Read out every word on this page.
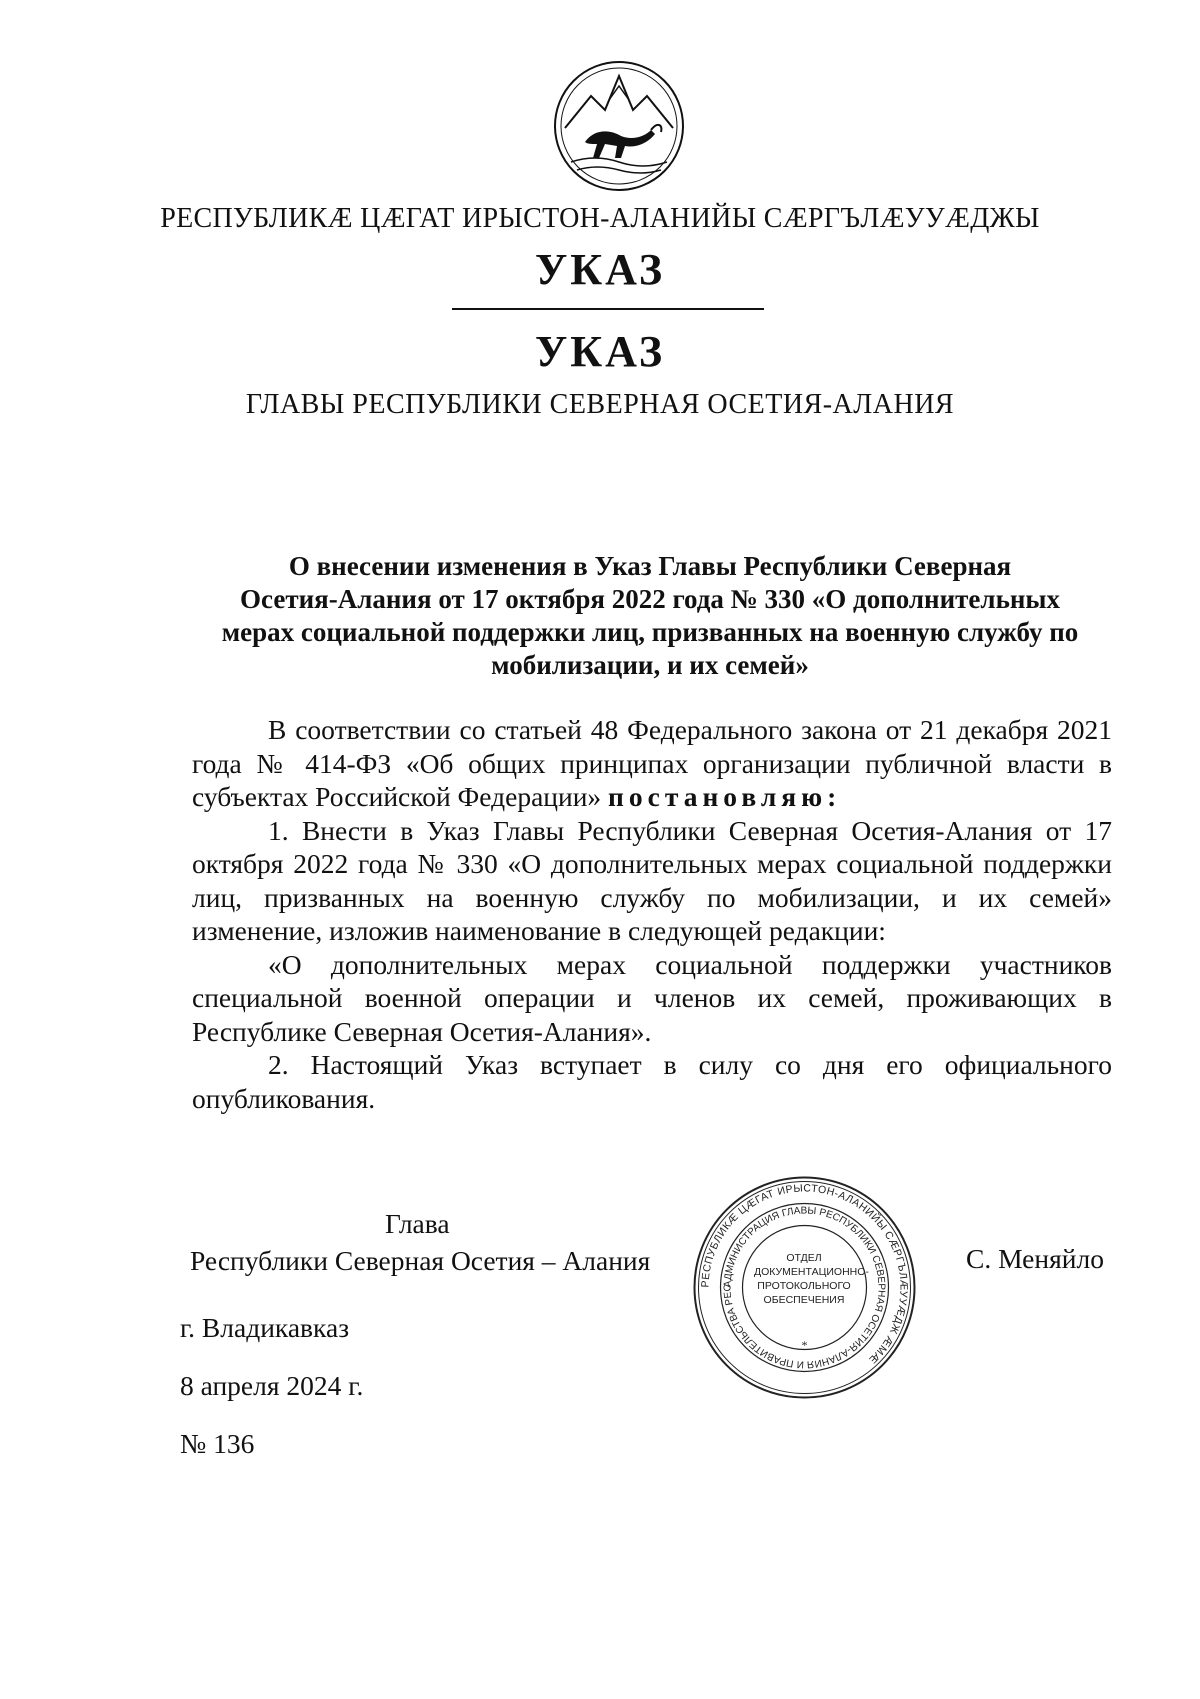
РЕСПУБЛИКÆ ЦÆГАТ ИРЫСТОН-АЛАНИЙЫ СÆРГЪЛÆУУÆДЖЫ
УКАЗ
УКАЗ
ГЛАВЫ РЕСПУБЛИКИ СЕВЕРНАЯ ОСЕТИЯ-АЛАНИЯ
О внесении изменения в Указ Главы Республики Северная
Осетия-Алания от 17 октября 2022 года № 330 «О дополнительных
мерах социальной поддержки лиц, призванных на военную службу по
мобилизации, и их семей»

В соответствии со статьей 48 Федерального закона от 21 декабря 2021 года № 414-ФЗ «Об общих принципах организации публичной власти в субъектах Российской Федерации» постановляю:

1. Внести в Указ Главы Республики Северная Осетия-Алания от 17 октября 2022 года № 330 «О дополнительных мерах социальной поддержки лиц, призванных на военную службу по мобилизации, и их семей» изменение, изложив наименование в следующей редакции:

«О дополнительных мерах социальной поддержки участников специальной военной операции и членов их семей, проживающих в Республике Северная Осетия-Алания».

2. Настоящий Указ вступает в силу со дня его официального опубликования.

Глава
Республики Северная Осетия – Алания	С. Меняйло
г. Владикавказ
8 апреля 2024 г.
№ 136
РЕСПУБЛИКÆ ЦÆГАТ ИРЫСТОН-АЛАНИЙЫ СÆРГЪЛÆУУÆДЖ ÆМÆ
АДМИНИСТРАЦИЯ ГЛАВЫ РЕСПУБЛИКИ СЕВЕРНАЯ ОСЕТИЯ-АЛАНИЯ И ПРАВИТЕЛЬСТВА РЕС
*
ОТДЕЛ
ДОКУМЕНТАЦИОННО-
ПРОТОКОЛЬНОГО
ОБЕСПЕЧЕНИЯ
